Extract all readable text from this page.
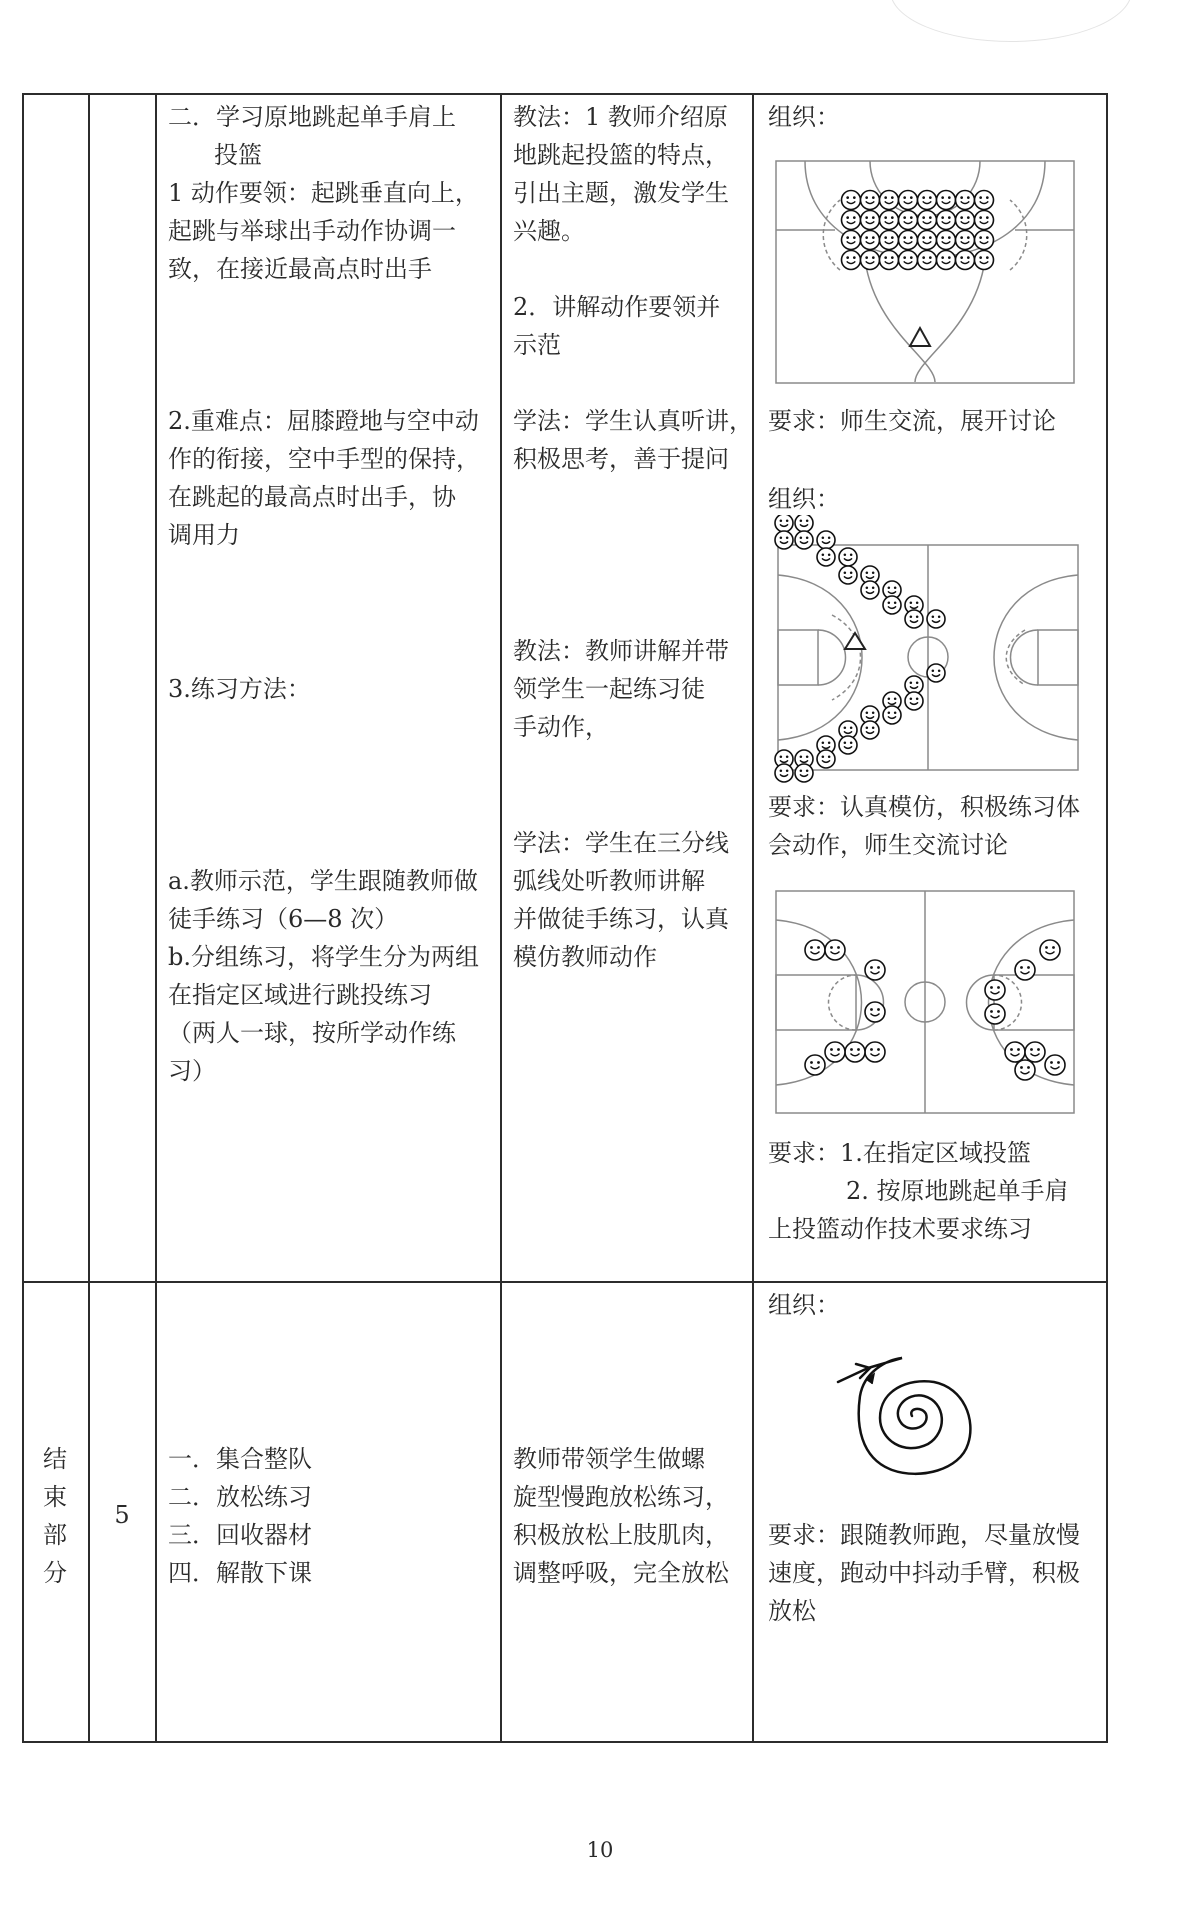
二．学习原地跳起单手肩上
投篮
1 动作要领：起跳垂直向上，
起跳与举球出手动作协调一
致，在接近最高点时出手
2.重难点：屈膝蹬地与空中动
作的衔接，空中手型的保持，
在跳起的最高点时出手，协
调用力
3.练习方法：
a.教师示范，学生跟随教师做
徒手练习（6—8 次）
b.分组练习，将学生分为两组
在指定区域进行跳投练习
（两人一球，按所学动作练
习）
教法：1 教师介绍原
地跳起投篮的特点，
引出主题，激发学生
兴趣。
2．讲解动作要领并
示范
学法：学生认真听讲，
积极思考，善于提问
教法：教师讲解并带
领学生一起练习徒
手动作，
学法：学生在三分线
弧线处听教师讲解
并做徒手练习，认真
模仿教师动作
组织：
要求：师生交流，展开讨论
组织：
要求：认真模仿，积极练习体
会动作，师生交流讨论
要求：1.在指定区域投篮
2. 按原地跳起单手肩
上投篮动作技术要求练习
结
束
部
分
5
一．集合整队
二．放松练习
三．回收器材
四．解散下课
教师带领学生做螺
旋型慢跑放松练习，
积极放松上肢肌肉，
调整呼吸，完全放松
组织：
要求：跟随教师跑，尽量放慢
速度，跑动中抖动手臂，积极
放松
10
